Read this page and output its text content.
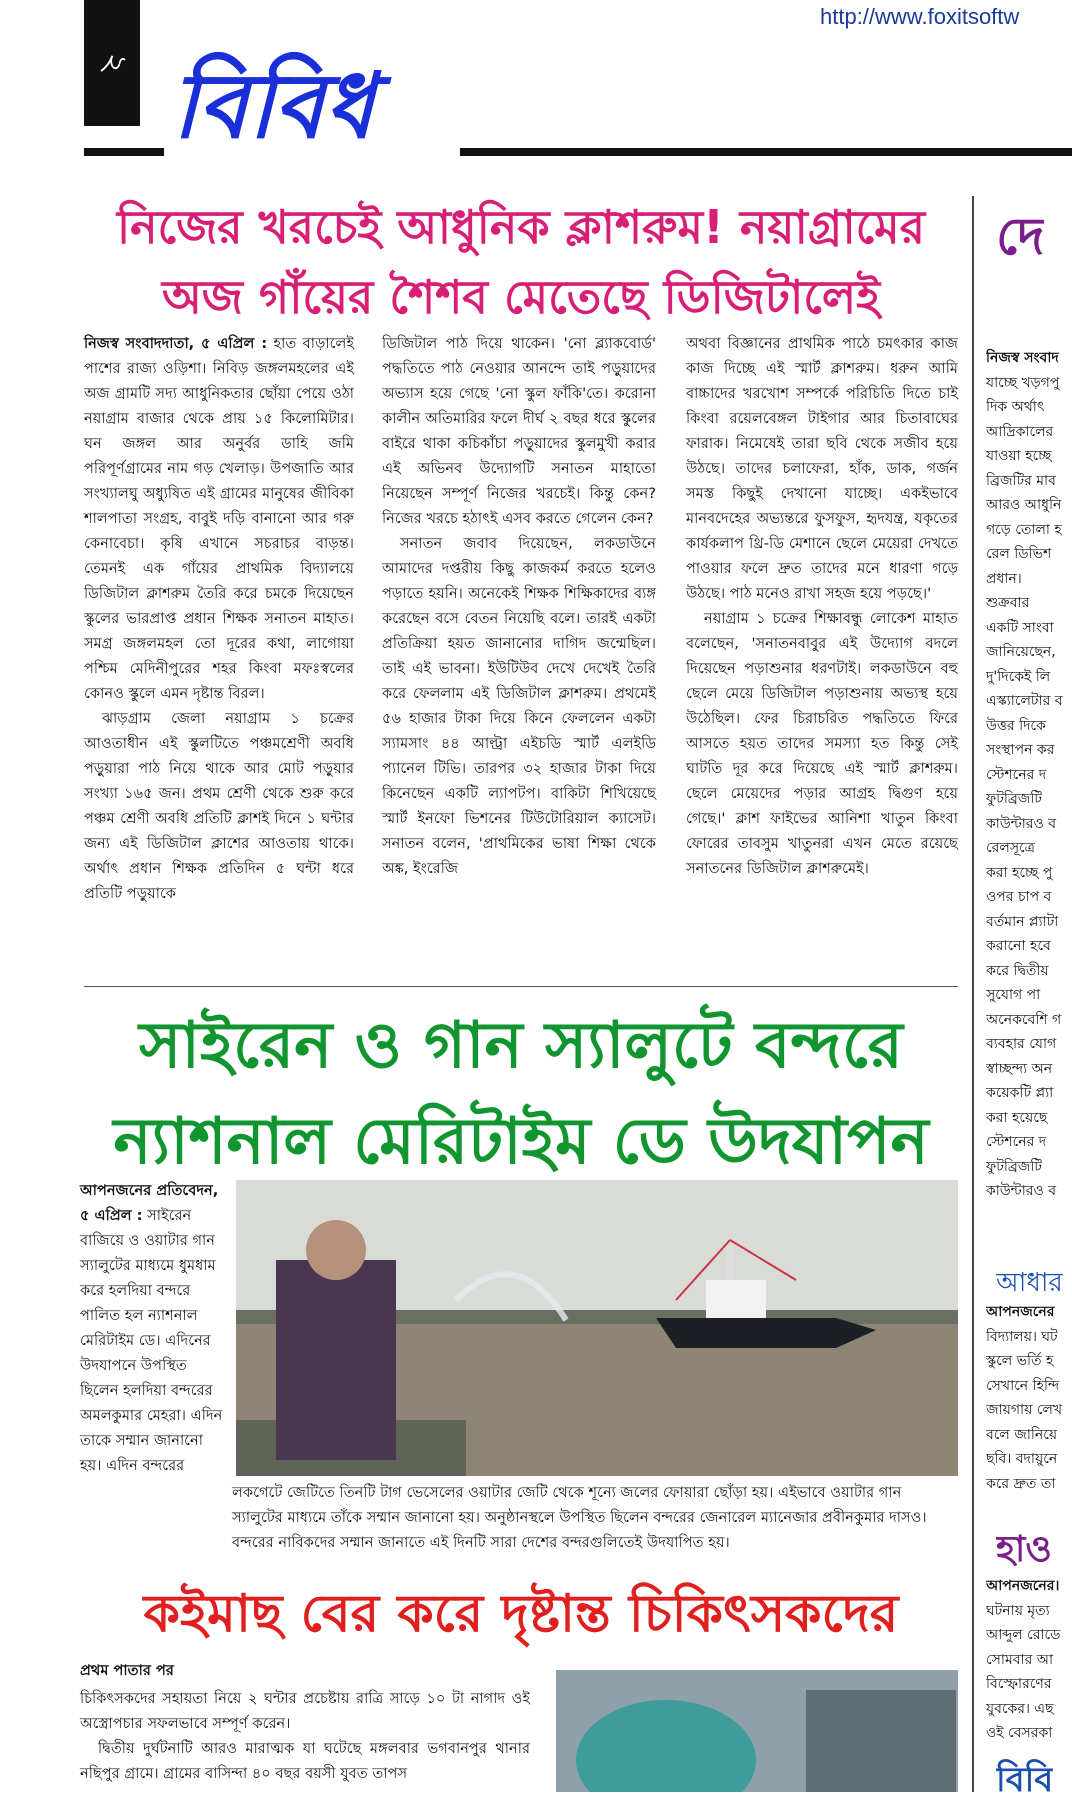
http://www.foxitsoftw
২ বিবিধ
নিজের খরচেই আধুনিক ক্লাশরুম! নয়াগ্রামের
অজ গাঁয়ের শৈশব মেতেছে ডিজিটালেই

নিজস্ব সংবাদদাতা, ৫ এপ্রিল : হাত বাড়ালেই পাশের রাজ্য ওড়িশা। নিবিড় জঙ্গলমহলের এই অজ গ্রামটি সদ্য আধুনিকতার ছোঁয়া পেয়ে ওঠা নয়াগ্রাম বাজার থেকে প্রায় ১৫ কিলোমিটার। ঘন জঙ্গল আর অনুর্বর ডাহি জমি পরিপূর্ণগ্রামের নাম গড় খেলাড়। উপজাতি আর সংখ্যালঘু অধ্যুষিত এই গ্রামের মানুষের জীবিকা শালপাতা সংগ্রহ, বাবুই দড়ি বানানো আর গরু কেনাবেচা। কৃষি এখানে সচরাচর বাড়ন্ত। তেমনই এক গাঁয়ের প্রাথমিক বিদ্যালয়ে ডিজিটাল ক্লাশরুম তৈরি করে চমকে দিয়েছেন স্কুলের ভারপ্রাপ্ত প্রধান শিক্ষক সনাতন মাহাত। সমগ্র জঙ্গলমহল তো দূরের কথা, লাগোয়া পশ্চিম মেদিনীপুরের শহর কিংবা মফঃস্বলের কোনও স্কুলে এমন দৃষ্টান্ত বিরল।

ঝাড়গ্রাম জেলা নয়াগ্রাম ১ চক্রের আওতাধীন এই স্কুলটিতে পঞ্চমশ্রেণী অবধি পড়ুয়ারা পাঠ নিয়ে থাকে আর মোট পড়ুয়ার সংখ্যা ১৬৫ জন। প্রথম শ্রেণী থেকে শুরু করে পঞ্চম শ্রেণী অবধি প্রতিটি ক্লাশই দিনে ১ ঘন্টার জন্য এই ডিজিটাল ক্লাশের আওতায় থাকে। অর্থাৎ প্রধান শিক্ষক প্রতিদিন ৫ ঘন্টা ধরে প্রতিটি পড়ুয়াকে

ডিজিটাল পাঠ দিয়ে থাকেন। 'নো ব্ল্যাকবোর্ড' পদ্ধতিতে পাঠ নেওয়ার আনন্দে তাই পড়ুয়াদের অভ্যাস হয়ে গেছে 'নো স্কুল ফাঁকি'তে। করোনা কালীন অতিমারির ফলে দীর্ঘ ২ বছর ধরে স্কুলের বাইরে থাকা কচিকাঁচা পড়ুয়াদের স্কুলমুখী করার এই অভিনব উদ্যোগটি সনাতন মাহাতো নিয়েছেন সম্পূর্ণ নিজের খরচেই। কিন্তু কেন? নিজের খরচে হঠাৎই এসব করতে গেলেন কেন?

সনাতন জবাব দিয়েছেন, লকডাউনে আমাদের দপ্তরীয় কিছু কাজকর্ম করতে হলেও পড়াতে হয়নি। অনেকেই শিক্ষক শিক্ষিকাদের ব্যঙ্গ করেছেন বসে বেতন নিয়েছি বলে। তারই একটা প্রতিক্রিয়া হয়ত জানানোর দাগিদ জন্মেছিল। তাই এই ভাবনা। ইউটিউব দেখে দেখেই তৈরি করে ফেললাম এই ডিজিটাল ক্লাশরুম। প্রথমেই ৫৬ হাজার টাকা দিয়ে কিনে ফেললেন একটা স্যামসাং ৪৪ আল্ট্রা এইচডি স্মার্ট এলইডি প্যানেল টিভি। তারপর ৩২ হাজার টাকা দিয়ে কিনেছেন একটি ল্যাপটপ। বাকিটা শিখিয়েছে স্মার্ট ইনফো ভিশনের টিউটোরিয়াল ক্যাসেট। সনাতন বলেন, 'প্রাথমিকের ভাষা শিক্ষা থেকে অঙ্ক, ইংরেজি

অথবা বিজ্ঞানের প্রাথমিক পাঠে চমৎকার কাজ কাজ দিচ্ছে এই স্মার্ট ক্লাশরুম। ধরুন আমি বাচ্চাদের খরখোশ সম্পর্কে পরিচিতি দিতে চাই কিংবা রয়েলবেঙ্গল টাইগার আর চিতাবাঘের ফারাক। নিমেষেই তারা ছবি থেকে সজীব হয়ে উঠছে। তাদের চলাফেরা, হাঁক, ডাক, গর্জন সমস্ত কিছুই দেখানো যাচ্ছে। একইভাবে মানবদেহের অভ্যন্তরে ফুসফুস, হৃদযন্ত্র, যকৃতের কার্যকলাপ থ্রি-ডি মেশানে ছেলে মেয়েরা দেখতে পাওয়ার ফলে দ্রুত তাদের মনে ধারণা গড়ে উঠছে। পাঠ মনেও রাখা সহজ হয়ে পড়ছে।'

নয়াগ্রাম ১ চক্রের শিক্ষাবন্ধু লোকেশ মাহাত বলেছেন, 'সনাতনবাবুর এই উদ্যোগ বদলে দিয়েছেন পড়াশুনার ধরণটাই। লকডাউনে বহু ছেলে মেয়ে ডিজিটাল পড়াশুনায় অভ্যস্থ হয়ে উঠেছিল। ফের চিরাচরিত পদ্ধতিতে ফিরে আসতে হয়ত তাদের সমস্যা হত কিন্তু সেই ঘাটতি দূর করে দিয়েছে এই স্মার্ট ক্লাশরুম। ছেলে মেয়েদের পড়ার আগ্রহ দ্বিগুণ হয়ে গেছে।' ক্লাশ ফাইভের আনিশা খাতুন কিংবা ফোরের তাবসুম খাতুনরা এখন মেতে রয়েছে সনাতনের ডিজিটাল ক্লাশরুমেই।

সাইরেন ও গান স্যালুটে বন্দরে
ন্যাশনাল মেরিটাইম ডে উদযাপন

আপনজনের প্রতিবেদন, ৫ এপ্রিল : সাইরেন বাজিয়ে ও ওয়াটার গান স্যালুটের মাধ্যমে ধুমধাম করে হলদিয়া বন্দরে পালিত হল ন্যাশনাল মেরিটাইম ডে। এদিনের উদযাপনে উপস্থিত ছিলেন হলদিয়া বন্দরের অমলকুমার মেহরা। এদিন তাকে সম্মান জানানো হয়। এদিন বন্দরের

লকগেটে জেটিতে তিনটি টাগ ভেসেলের ওয়াটার জেটি থেকে শূন্যে জলের ফোয়ারা ছোঁড়া হয়। এইভাবে ওয়াটার গান স্যালুটের মাধ্যমে তাঁকে সম্মান জানানো হয়। অনুষ্ঠানস্থলে উপস্থিত ছিলেন বন্দরের জেনারেল ম্যানেজার প্রবীনকুমার দাসও। বন্দরের নাবিকদের সম্মান জানাতে এই দিনটি সারা দেশের বন্দরগুলিতেই উদযাপিত হয়।
কইমাছ বের করে দৃষ্টান্ত চিকিৎসকদের
প্রথম পাতার পর

চিকিৎসকদের সহায়তা নিয়ে ২ ঘন্টার প্রচেষ্টায় রাত্রি সাড়ে ১০ টা নাগাদ ওই অস্ত্রোপচার সফলভাবে সম্পূর্ণ করেন।

দ্বিতীয় দুর্ঘটনাটি আরও মারাত্মক যা ঘটেছে মঙ্গলবার ভগবানপুর থানার নছিপুর গ্রামে। গ্রামের বাসিন্দা ৪০ বছর বয়সী যুবত তাপস

দে
নিজস্ব সংবাদ
যাচ্ছে খড়গপু
দিক অর্থাৎ
আদ্রিকালের
যাওয়া হচ্ছে
ব্রিজটির মাব
আরও আধুনি
গড়ে তোলা হ
রেল ডিভিশ
প্রধান।
শুক্রবার
একটি সাংবা
জানিয়েছেন,
দু'দিকেই লি
এস্ক্যালেটার ব
উত্তর দিকে
সংস্থাপন কর
স্টেশনের দ
ফুটব্রিজটি
কাউন্টারও ব
রেলসূত্রে
করা হচ্ছে পু
ওপর চাপ ব
বর্তমান প্ল্যাটা
করানো হবে
করে দ্বিতীয়
সুযোগ পা
অনেকবেশি গ
ব্যবহার যোগ
স্বাচ্ছন্দ্য অন
কয়েকটি প্ল্যা
করা হয়েছে
স্টেশনের দ
ফুটব্রিজটি
কাউন্টারও ব
আধার
আপনজনের
বিদ্যালয়। ঘট
স্কুলে ভর্তি হ
সেখানে হিন্দি
জায়গায় লেখ
বলে জানিয়ে
ছবি। বদায়ুনে
করে দ্রুত তা
হাও
আপনজনের।
ঘটনায় মৃত্য
আব্দুল রোডে
সোমবার আ
বিস্ফোরণের
যুবকের। এছ
ওই বেসরকা
বিবি
